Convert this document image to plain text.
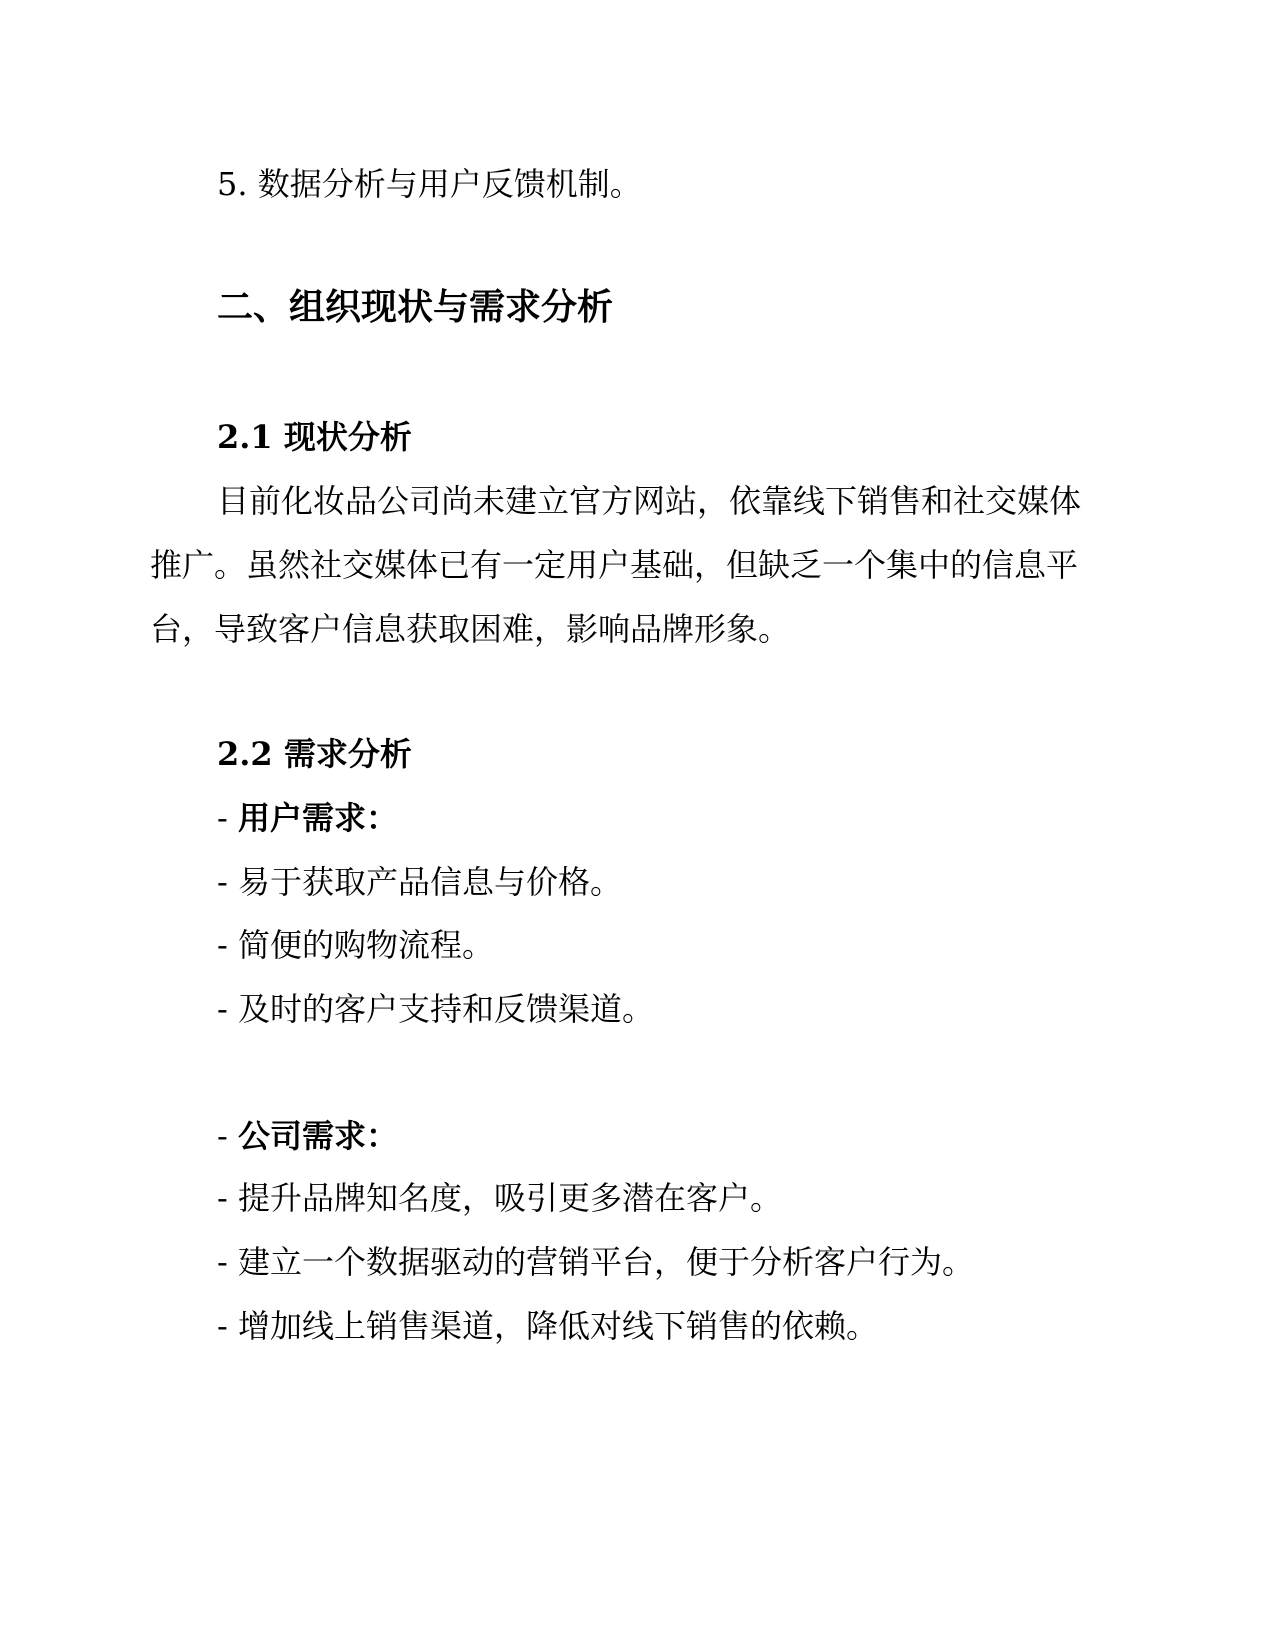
5. 数据分析与用户反馈机制。
二、组织现状与需求分析
2.1 现状分析
目前化妆品公司尚未建立官方网站，依靠线下销售和社交媒体
推广。虽然社交媒体已有一定用户基础，但缺乏一个集中的信息平
台，导致客户信息获取困难，影响品牌形象。
2.2 需求分析
- 用户需求：
- 易于获取产品信息与价格。
- 简便的购物流程。
- 及时的客户支持和反馈渠道。
- 公司需求：
- 提升品牌知名度，吸引更多潜在客户。
- 建立一个数据驱动的营销平台，便于分析客户行为。
- 增加线上销售渠道，降低对线下销售的依赖。
